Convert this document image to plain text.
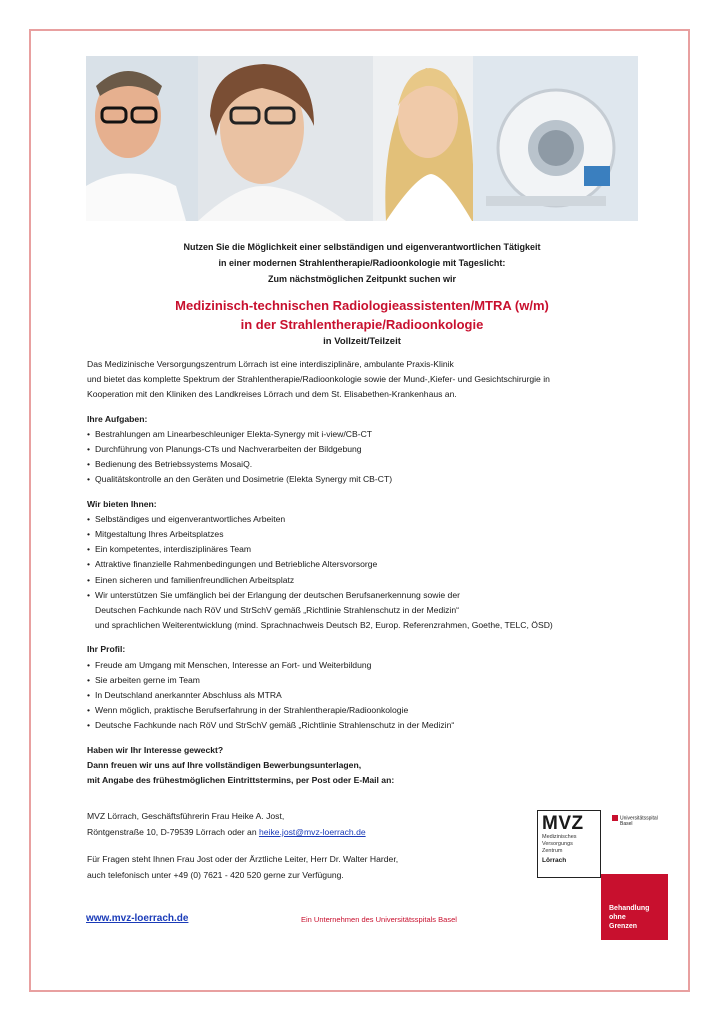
Nutzen Sie die Möglichkeit einer selbständigen und eigenverantwortlichen Tätigkeit
in einer modernen Strahlentherapie/Radioonkologie mit Tageslicht:
Zum nächstmöglichen Zeitpunkt suchen wir
Medizinisch-technischen Radiologieassistenten/MTRA (w/m)
in der Strahlentherapie/Radioonkologie
in Vollzeit/Teilzeit

Das Medizinische Versorgungszentrum Lörrach ist eine interdisziplinäre, ambulante Praxis-Klinik

und bietet das komplette Spektrum der Strahlentherapie/Radioonkologie sowie der Mund-,Kiefer- und Gesichtschirurgie in

Kooperation mit den Kliniken des Landkreises Lörrach und dem St. Elisabethen-Krankenhaus an.

Ihre Aufgaben:

• Bestrahlungen am Linearbeschleuniger Elekta-Synergy mit i-view/CB-CT
• Durchführung von Planungs-CTs und Nachverarbeiten der Bildgebung
• Bedienung des Betriebssystems MosaiQ.
• Qualitätskontrolle an den Geräten und Dosimetrie (Elekta Synergy mit CB-CT)

Wir bieten Ihnen:

• Selbständiges und eigenverantwortliches Arbeiten
• Mitgestaltung Ihres Arbeitsplatzes
• Ein kompetentes, interdisziplinäres Team
• Attraktive finanzielle Rahmenbedingungen und Betriebliche Altersvorsorge
• Einen sicheren und familienfreundlichen Arbeitsplatz
• Wir unterstützen Sie umfänglich bei der Erlangung der deutschen Berufsanerkennung sowie der

Deutschen Fachkunde nach RöV und StrSchV gemäß „Richtlinie Strahlenschutz in der Medizin“

und sprachlichen Weiterentwicklung (mind. Sprachnachweis Deutsch B2, Europ. Referenzrahmen, Goethe, TELC, ÖSD)

Ihr Profil:

• Freude am Umgang mit Menschen, Interesse an Fort- und Weiterbildung
• Sie arbeiten gerne im Team
• In Deutschland anerkannter Abschluss als MTRA
• Wenn möglich, praktische Berufserfahrung in der Strahlentherapie/Radioonkologie
• Deutsche Fachkunde nach RöV und StrSchV gemäß „Richtlinie Strahlenschutz in der Medizin“

Haben wir Ihr Interesse geweckt?

Dann freuen wir uns auf Ihre vollständigen Bewerbungsunterlagen,

mit Angabe des frühestmöglichen Eintrittstermins, per Post oder E-Mail an:

MVZ Lörrach, Geschäftsführerin Frau Heike A. Jost,
Röntgenstraße 10, D-79539 Lörrach oder an heike.jost@mvz-loerrach.de
Für Fragen steht Ihnen Frau Jost oder der Ärztliche Leiter, Herr Dr. Walter Harder,
auch telefonisch unter +49 (0) 7621 - 420 520 gerne zur Verfügung.
www.mvz-loerrach.de	Ein Unternehmen des Universitätsspitals Basel
MVZ
Medizinisches
Versorgungs
Zentrum
Lörrach
Universitätsspital
Basel
Behandlung
ohne
Grenzen
